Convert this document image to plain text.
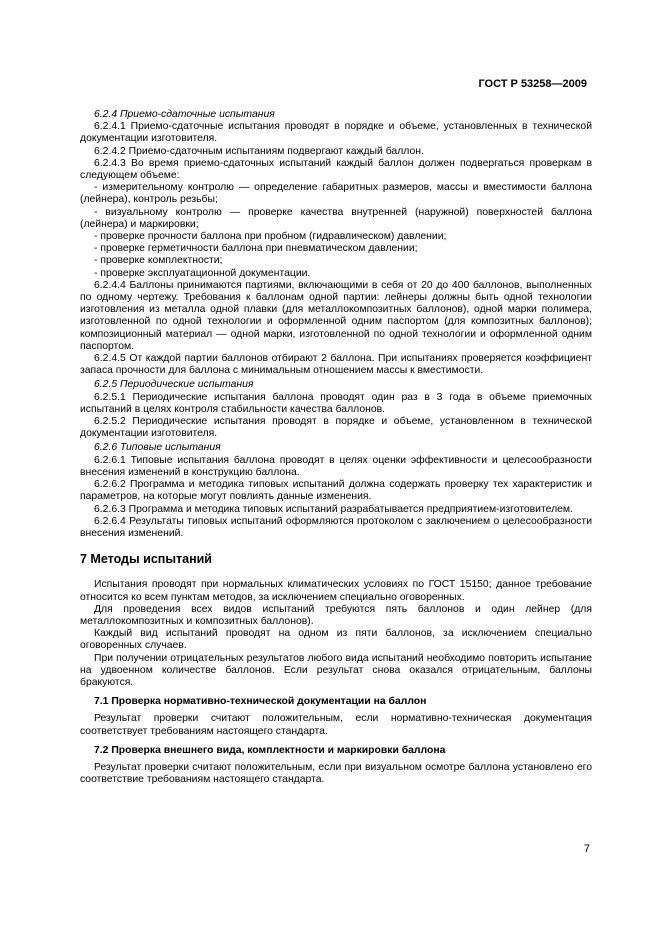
ГОСТ Р 53258—2009

6.2.4 Приемо-сдаточные испытания

6.2.4.1 Приемо-сдаточные испытания проводят в порядке и объеме, установленных в технической документации изготовителя.

6.2.4.2 Приемо-сдаточным испытаниям подвергают каждый баллон.

6.2.4.3 Во время приемо-сдаточных испытаний каждый баллон должен подвергаться проверкам в следующем объеме:

- измерительному контролю — определение габаритных размеров, массы и вместимости баллона (лейнера), контроль резьбы;

- визуальному контролю — проверке качества внутренней (наружной) поверхностей баллона (лейнера) и маркировки;

- проверке прочности баллона при пробном (гидравлическом) давлении;

- проверке герметичности баллона при пневматическом давлении;

- проверке комплектности;

- проверке эксплуатационной документации.

6.2.4.4 Баллоны принимаются партиями, включающими в себя от 20 до 400 баллонов, выполненных по одному чертежу. Требования к баллонам одной партии: лейнеры должны быть одной технологии изготовления из металла одной плавки (для металлокомпозитных баллонов), одной марки полимера, изготовленной по одной технологии и оформленной одним паспортом (для композитных баллонов); композиционный материал — одной марки, изготовленной по одной технологии и оформленной одним паспортом.

6.2.4.5 От каждой партии баллонов отбирают 2 баллона. При испытаниях проверяется коэффициент запаса прочности для баллона с минимальным отношением массы к вместимости.

6.2.5 Периодические испытания

6.2.5.1 Периодические испытания баллона проводят один раз в 3 года в объеме приемочных испытаний в целях контроля стабильности качества баллонов.

6.2.5.2 Периодические испытания проводят в порядке и объеме, установленном в технической документации изготовителя.

6.2.6 Типовые испытания

6.2.6.1 Типовые испытания баллона проводят в целях оценки эффективности и целесообразности внесения изменений в конструкцию баллона.

6.2.6.2 Программа и методика типовых испытаний должна содержать проверку тех характеристик и параметров, на которые могут повлиять данные изменения.

6.2.6.3 Программа и методика типовых испытаний разрабатывается предприятием-изготовителем.

6.2.6.4 Результаты типовых испытаний оформляются протоколом с заключением о целесообразности внесения изменений.

7 Методы испытаний

Испытания проводят при нормальных климатических условиях по ГОСТ 15150; данное требование относится ко всем пунктам методов, за исключением специально оговоренных.

Для проведения всех видов испытаний требуются пять баллонов и один лейнер (для металлокомпозитных и композитных баллонов).

Каждый вид испытаний проводят на одном из пяти баллонов, за исключением специально оговоренных случаев.

При получении отрицательных результатов любого вида испытаний необходимо повторить испытание на удвоенном количестве баллонов. Если результат снова оказался отрицательным, баллоны бракуются.

7.1 Проверка нормативно-технической документации на баллон

Результат проверки считают положительным, если нормативно-техническая документация соответствует требованиям настоящего стандарта.

7.2 Проверка внешнего вида, комплектности и маркировки баллона

Результат проверки считают положительным, если при визуальном осмотре баллона установлено его соответствие требованиям настоящего стандарта.

7
